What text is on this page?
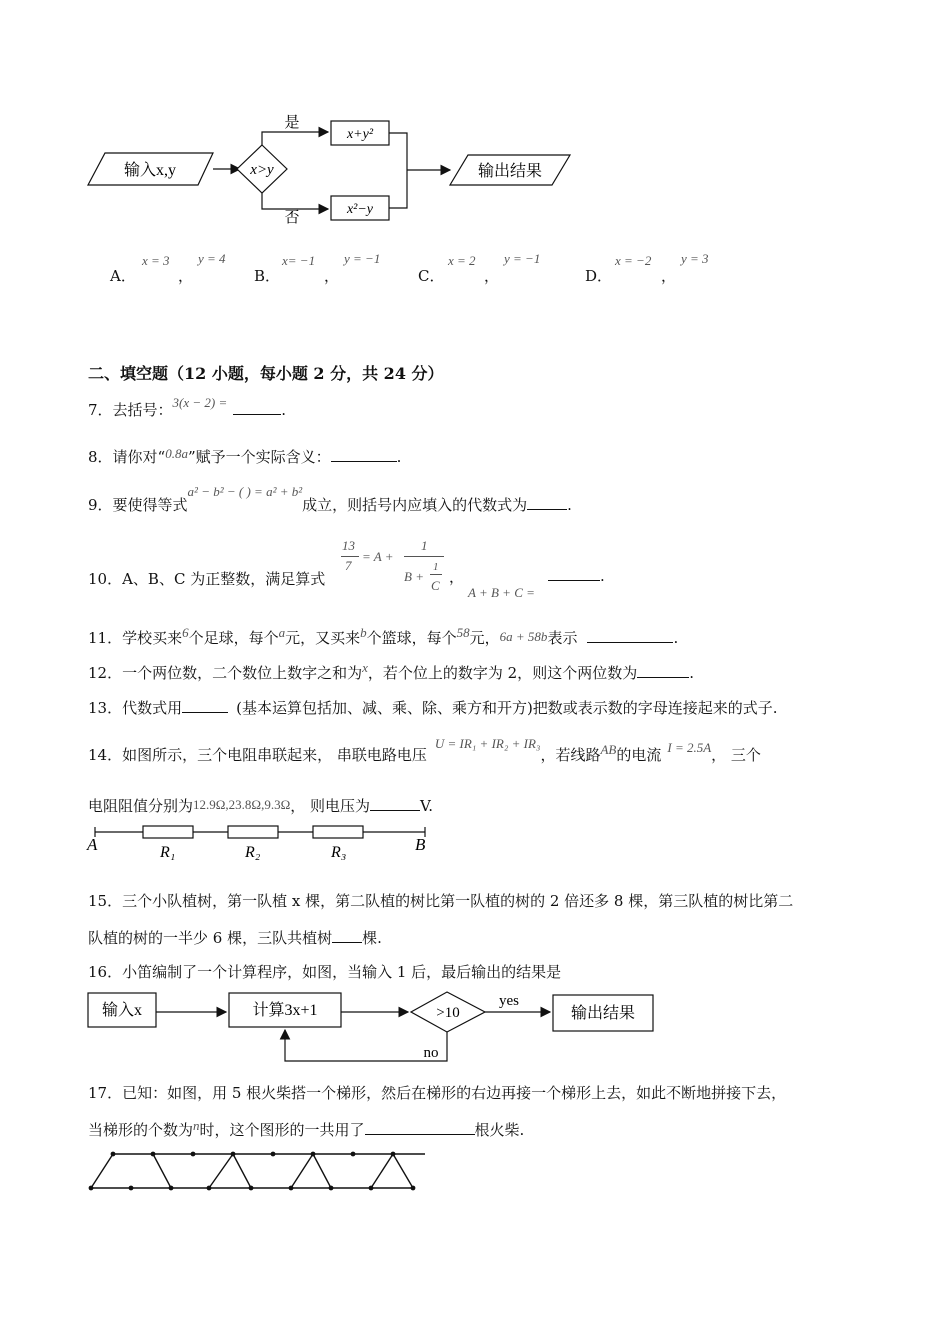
输入x,y	x>y
是
否
x+y²
x²−y
输出结果
A．
x = 3
，
y = 4
B．
x= −1
，
y = −1
C．
x = 2
，
y = −1
D．
x = −2
，
y = 3
二、填空题（12 小题，每小题 2 分，共 24 分）
7．去括号：3(x − 2) =	.
8．请你对“0.8a”赋予一个实际含义：	.
9．要使得等式a² − b² − ( ) = a² + b²成立，则括号内应填入的代数式为	.
10．A、B、C 为正整数，满足算式
13
7
= A +
1
B +
1
C ，
A + B + C =
.
11．学校买来6个足球，每个a元，又买来b个篮球，每个58元，6a + 58b表示	.
12．一个两位数，二个数位上数字之和为x，若个位上的数字为 2，则这个两位数为	.
13．代数式用	(基本运算包括加、减、乘、除、乘方和开方)把数或表示数的字母连接起来的式子.
14．如图所示，三个电阻串联起来， 串联电路电压U = IR₁ + IR₂ + IR₃，若线路AB的电流 I = 2.5A， 三个
电阻阻值分别为12.9Ω,23.8Ω,9.3Ω， 则电压为	V.
A	R₁	R₂	R₃	B
15．三个小队植树，第一队植 x 棵，第二队植的树比第一队植的树的 2 倍还多 8 棵，第三队植的树比第二
队植的树的一半少 6 棵，三队共植树 棵.
16．小笛编制了一个计算程序，如图，当输入 1 后，最后输出的结果是
输入x	计算3x+1	>10
yes
输出结果
no
17．已知：如图，用 5 根火柴搭一个梯形，然后在梯形的右边再接一个梯形上去，如此不断地拼接下去，
当梯形的个数为n时，这个图形的一共用了	根火柴.
